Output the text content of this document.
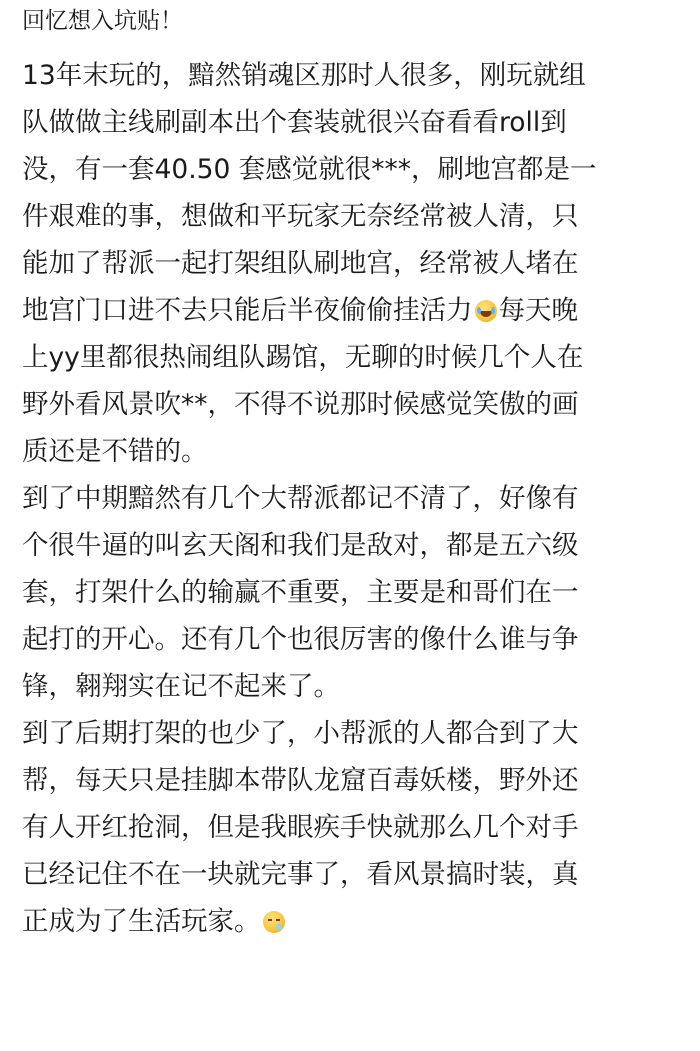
回忆想入坑贴！
13年末玩的，黯然销魂区那时人很多，刚玩就组
队做做主线刷副本出个套装就很兴奋看看roll到
没，有一套40.50 套感觉就很***，刷地宫都是一
件艰难的事，想做和平玩家无奈经常被人清，只
能加了帮派一起打架组队刷地宫，经常被人堵在
地宫门口进不去只能后半夜偷偷挂活力 每天晚
上yy里都很热闹组队踢馆，无聊的时候几个人在
野外看风景吹**，不得不说那时候感觉笑傲的画
质还是不错的。
到了中期黯然有几个大帮派都记不清了，好像有
个很牛逼的叫玄天阁和我们是敌对，都是五六级
套，打架什么的输赢不重要，主要是和哥们在一
起打的开心。还有几个也很厉害的像什么谁与争
锋，翱翔实在记不起来了。
到了后期打架的也少了，小帮派的人都合到了大
帮，每天只是挂脚本带队龙窟百毒妖楼，野外还
有人开红抢洞，但是我眼疾手快就那么几个对手
已经记住不在一块就完事了，看风景搞时装，真
正成为了生活玩家。
